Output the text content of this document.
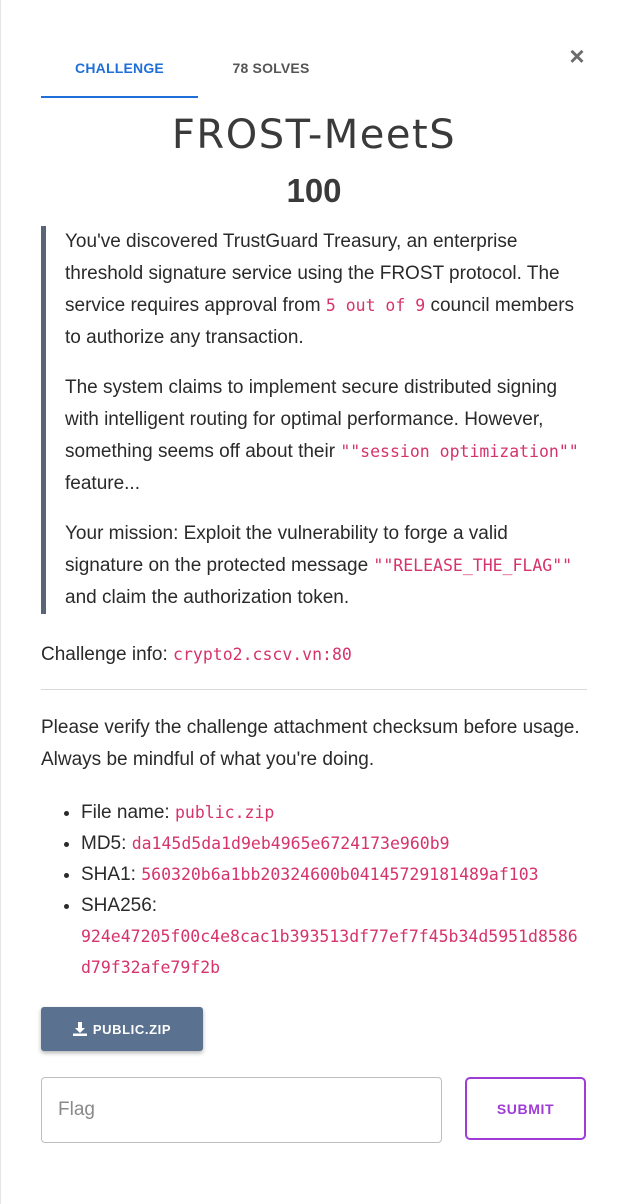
CHALLENGE	78 SOLVES	×
FROST-MeetS
100

You've discovered TrustGuard Treasury, an enterprise threshold signature service using the FROST protocol. The service requires approval from 5 out of 9 council members to authorize any transaction.

The system claims to implement secure distributed signing with intelligent routing for optimal performance. However, something seems off about their ""session optimization"" feature...

Your mission: Exploit the vulnerability to forge a valid signature on the protected message ""RELEASE_THE_FLAG"" and claim the authorization token.

Challenge info: crypto2.cscv.vn:80
Please verify the challenge attachment checksum before usage. Always be mindful of what you're doing.
• File name: public.zip
• MD5: da145d5da1d9eb4965e6724173e960b9
• SHA1: 560320b6a1bb20324600b04145729181489af103
• SHA256:
924e47205f00c4e8cac1b393513df77ef7f45b34d5951d8586d79f32afe79f2b
PUBLIC.ZIP
Flag
SUBMIT
